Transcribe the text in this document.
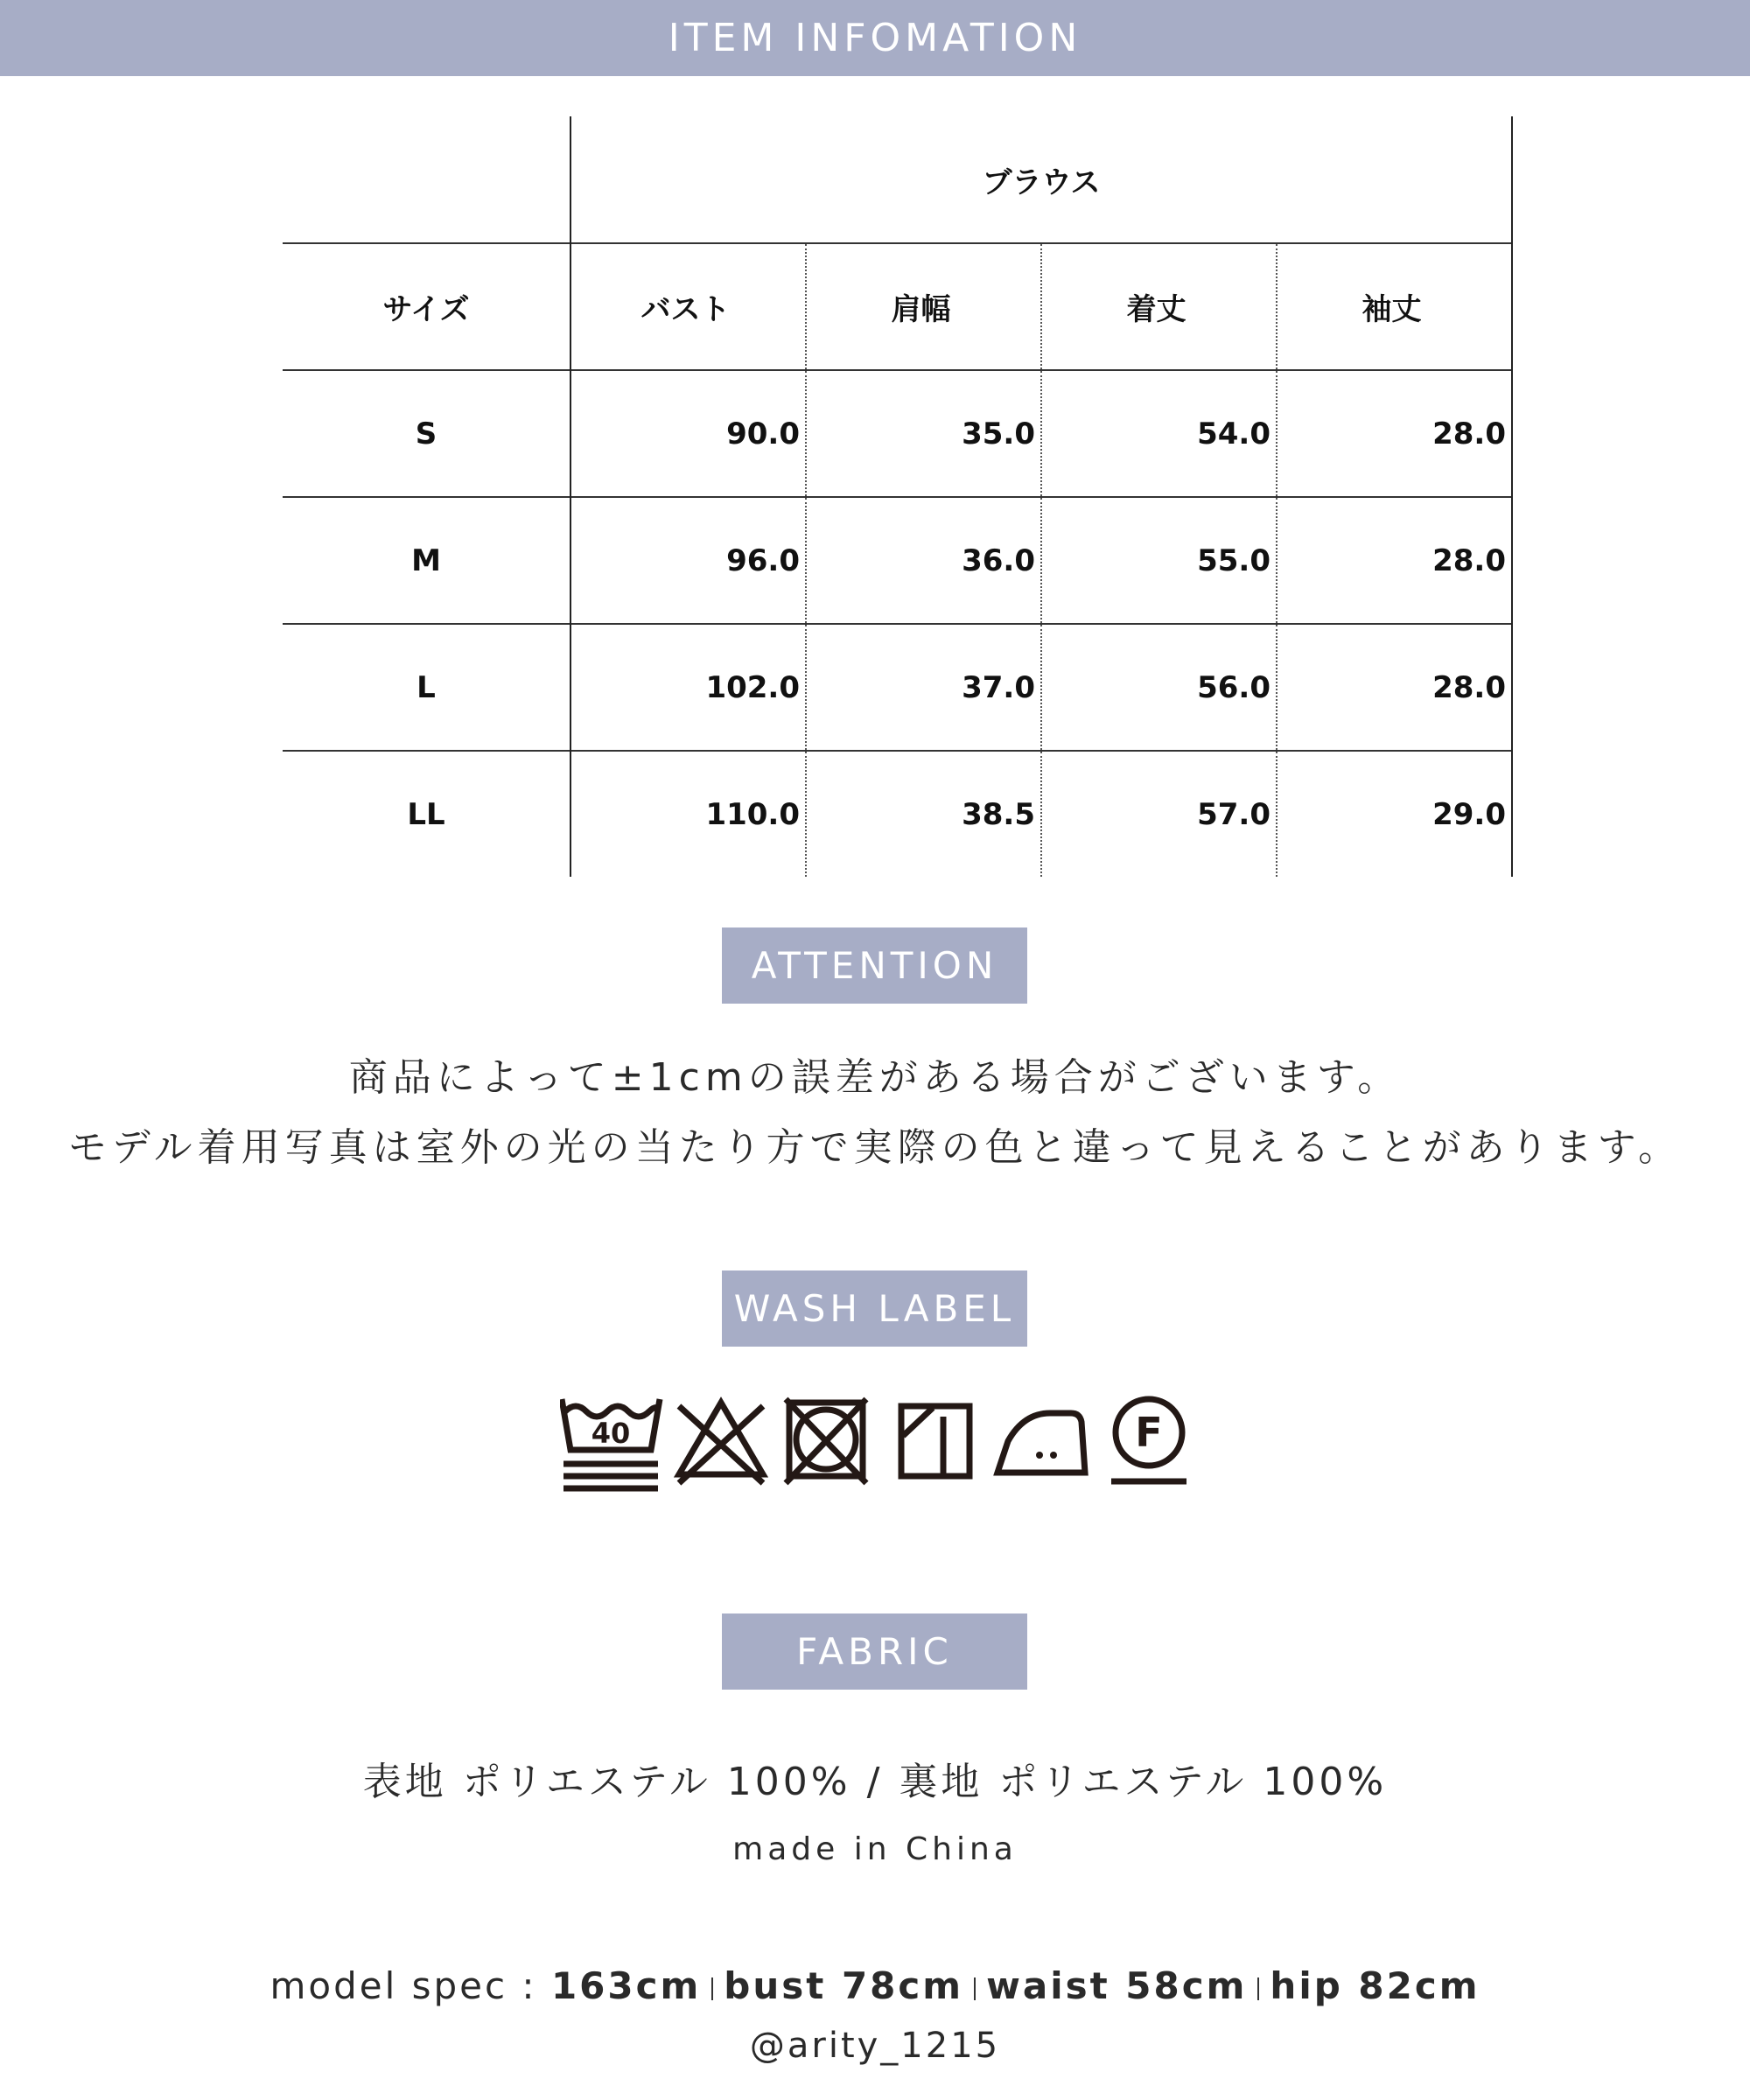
ITEM INFOMATION
	ブラウス			
サイズ	バスト	肩幅	着丈	袖丈
S	90.0	35.0	54.0	28.0
M	96.0	36.0	55.0	28.0
L	102.0	37.0	56.0	28.0
LL	110.0	38.5	57.0	29.0
ATTENTION
商品によって±1cmの誤差がある場合がございます。
モデル着用写真は室外の光の当たり方で実際の色と違って見えることがあります。
WASH LABEL
40	F
FABRIC
表地 ポリエステル 100% / 裏地 ポリエステル 100%
made in China
model spec : 163cm bust 78cm waist 58cm hip 82cm
@arity_1215
